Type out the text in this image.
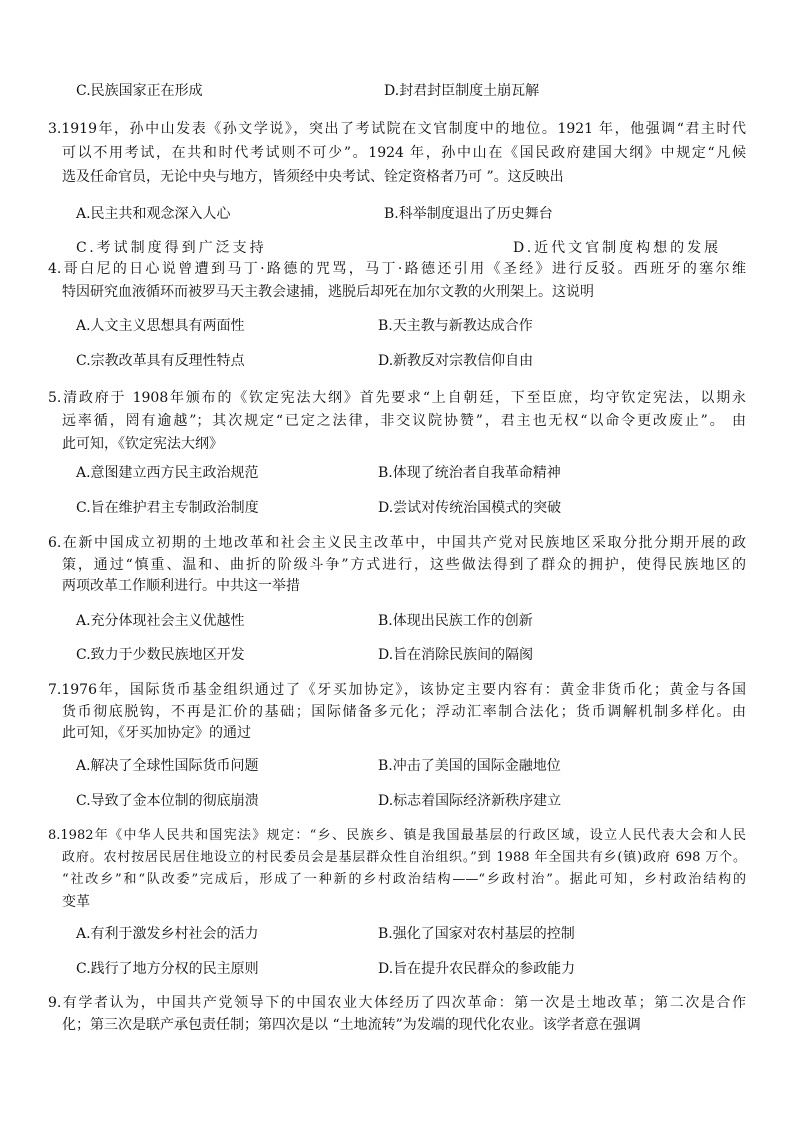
C.民族国家正在形成	D.封君封臣制度土崩瓦解
3.1919年，孙中山发表《孙文学说》，突出了考试院在文官制度中的地位。1921 年，他强调“君主时代
可以不用考试，在共和时代考试则不可少”。1924 年，孙中山在《国民政府建国大纲》中规定“凡候
选及任命官员，无论中央与地方，皆须经中央考试、铨定资格者乃可 ”。这反映出
A.民主共和观念深入人心	B.科举制度退出了历史舞台
C.考试制度得到广泛支持	D.近代文官制度构想的发展
4.哥白尼的日心说曾遭到马丁·路德的咒骂，马丁·路德还引用《圣经》进行反驳。西班牙的塞尔维
特因研究血液循环而被罗马天主教会逮捕，逃脱后却死在加尔文教的火刑架上。这说明
A.人文主义思想具有两面性	B.天主教与新教达成合作
C.宗教改革具有反理性特点	D.新教反对宗教信仰自由
5.清政府于 1908年颁布的《钦定宪法大纲》首先要求“上自朝廷，下至臣庶，均守钦定宪法，以期永
远率循，罔有逾越”；其次规定“已定之法律，非交议院协赞”，君主也无权“以命令更改废止”。 由
此可知，《钦定宪法大纲》
A.意图建立西方民主政治规范	B.体现了统治者自我革命精神
C.旨在维护君主专制政治制度	D.尝试对传统治国模式的突破
6.在新中国成立初期的土地改革和社会主义民主改革中，中国共产党对民族地区采取分批分期开展的政
策，通过“慎重、温和、曲折的阶级斗争”方式进行，这些做法得到了群众的拥护，使得民族地区的
两项改革工作顺利进行。中共这一举措
A.充分体现社会主义优越性	B.体现出民族工作的创新
C.致力于少数民族地区开发	D.旨在消除民族间的隔阂
7.1976年，国际货币基金组织通过了《牙买加协定》，该协定主要内容有：黄金非货币化；黄金与各国
货币彻底脱钩，不再是汇价的基础；国际储备多元化；浮动汇率制合法化；货币调解机制多样化。由
此可知，《牙买加协定》的通过
A.解决了全球性国际货币问题	B.冲击了美国的国际金融地位
C.导致了金本位制的彻底崩溃	D.标志着国际经济新秩序建立
8.1982年《中华人民共和国宪法》规定：“乡、民族乡、镇是我国最基层的行政区域，设立人民代表大会和人民
政府。农村按居民居住地设立的村民委员会是基层群众性自治组织。”到 1988 年全国共有乡(镇)政府 698 万个。
“社改乡”和“队改委”完成后，形成了一种新的乡村政治结构——“乡政村治”。据此可知，乡村政治结构的
变革
A.有利于激发乡村社会的活力	B.强化了国家对农村基层的控制
C.践行了地方分权的民主原则	D.旨在提升农民群众的参政能力
9.有学者认为，中国共产党领导下的中国农业大体经历了四次革命：第一次是土地改革；第二次是合作
化；第三次是联产承包责任制；第四次是以 “土地流转”为发端的现代化农业。该学者意在强调
